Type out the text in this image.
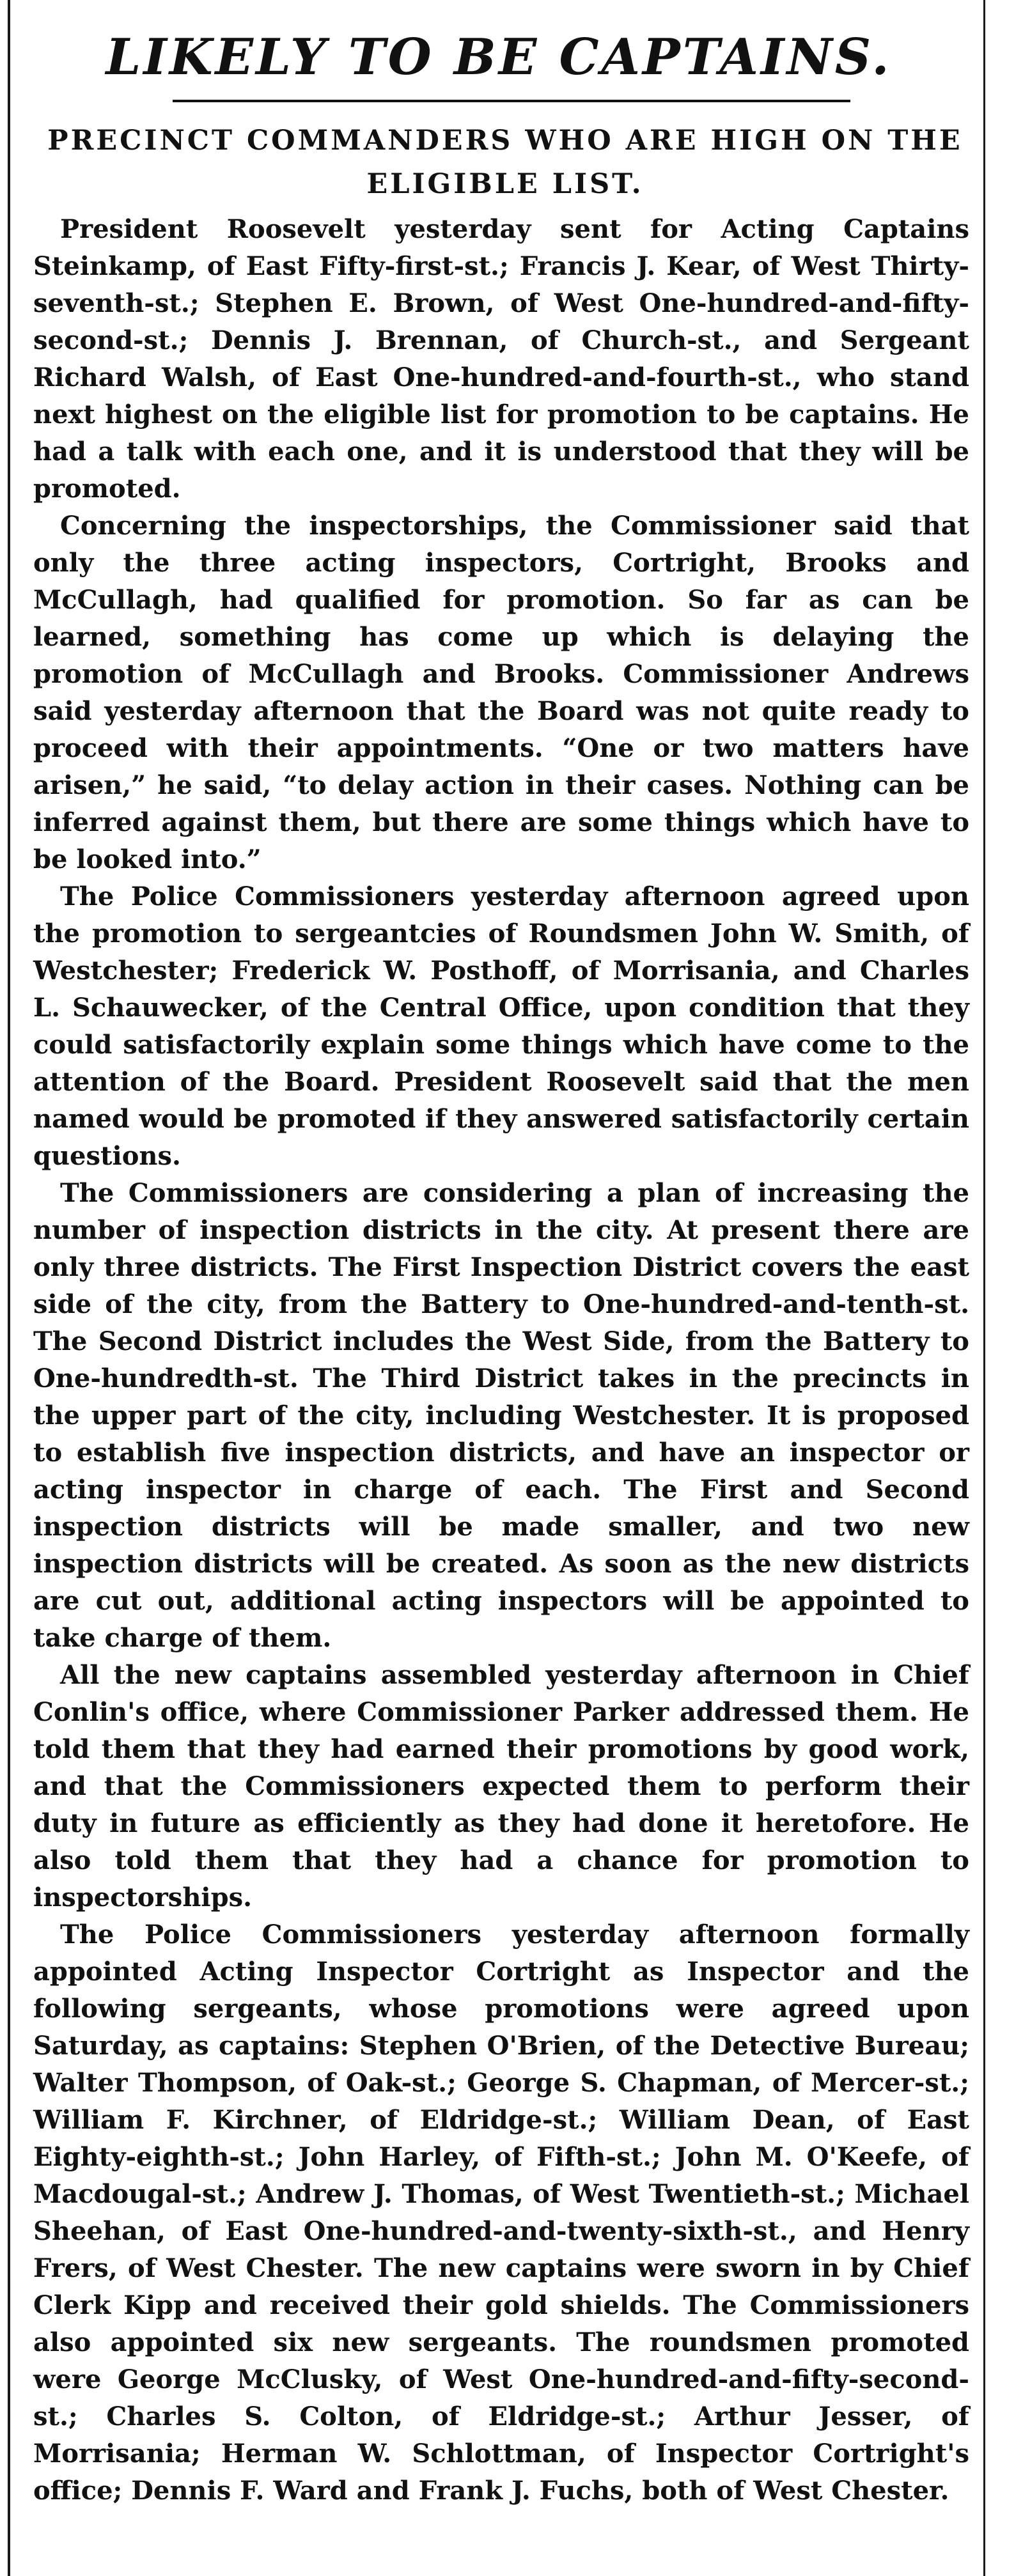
LIKELY TO BE CAPTAINS.
PRECINCT COMMANDERS WHO ARE HIGH ON THE ELIGIBLE LIST.

President Roosevelt yesterday sent for Acting Captains Steinkamp, of East Fifty-first-st.; Francis J. Kear, of West Thirty-seventh-st.; Stephen E. Brown, of West One-hundred-and-fifty-second-st.; Dennis J. Brennan, of Church-st., and Sergeant Richard Walsh, of East One-hundred-and-fourth-st., who stand next highest on the eligible list for promotion to be captains. He had a talk with each one, and it is understood that they will be promoted.

Concerning the inspectorships, the Commissioner said that only the three acting inspectors, Cortright, Brooks and McCullagh, had qualified for promotion. So far as can be learned, something has come up which is delaying the promotion of McCullagh and Brooks. Commissioner Andrews said yesterday afternoon that the Board was not quite ready to proceed with their appointments. “One or two matters have arisen,” he said, “to delay action in their cases. Nothing can be inferred against them, but there are some things which have to be looked into.”

The Police Commissioners yesterday afternoon agreed upon the promotion to sergeantcies of Roundsmen John W. Smith, of Westchester; Frederick W. Posthoff, of Morrisania, and Charles L. Schauwecker, of the Central Office, upon condition that they could satisfactorily explain some things which have come to the attention of the Board. President Roosevelt said that the men named would be promoted if they answered satisfactorily certain questions.

The Commissioners are considering a plan of increasing the number of inspection districts in the city. At present there are only three districts. The First Inspection District covers the east side of the city, from the Battery to One-hundred-and-tenth-st. The Second District includes the West Side, from the Battery to One-hundredth-st. The Third District takes in the precincts in the upper part of the city, including Westchester. It is proposed to establish five inspection districts, and have an inspector or acting inspector in charge of each. The First and Second inspection districts will be made smaller, and two new inspection districts will be created. As soon as the new districts are cut out, additional acting inspectors will be appointed to take charge of them.

All the new captains assembled yesterday afternoon in Chief Conlin's office, where Commissioner Parker addressed them. He told them that they had earned their promotions by good work, and that the Commissioners expected them to perform their duty in future as efficiently as they had done it heretofore. He also told them that they had a chance for promotion to inspectorships.

The Police Commissioners yesterday afternoon formally appointed Acting Inspector Cortright as Inspector and the following sergeants, whose promotions were agreed upon Saturday, as captains: Stephen O'Brien, of the Detective Bureau; Walter Thompson, of Oak-st.; George S. Chapman, of Mercer-st.; William F. Kirchner, of Eldridge-st.; William Dean, of East Eighty-eighth-st.; John Harley, of Fifth-st.; John M. O'Keefe, of Macdougal-st.; Andrew J. Thomas, of West Twentieth-st.; Michael Sheehan, of East One-hundred-and-twenty-sixth-st., and Henry Frers, of West Chester. The new captains were sworn in by Chief Clerk Kipp and received their gold shields. The Commissioners also appointed six new sergeants. The roundsmen promoted were George McClusky, of West One-hundred-and-fifty-second-st.; Charles S. Colton, of Eldridge-st.; Arthur Jesser, of Morrisania; Herman W. Schlottman, of Inspector Cortright's office; Dennis F. Ward and Frank J. Fuchs, both of West Chester.
